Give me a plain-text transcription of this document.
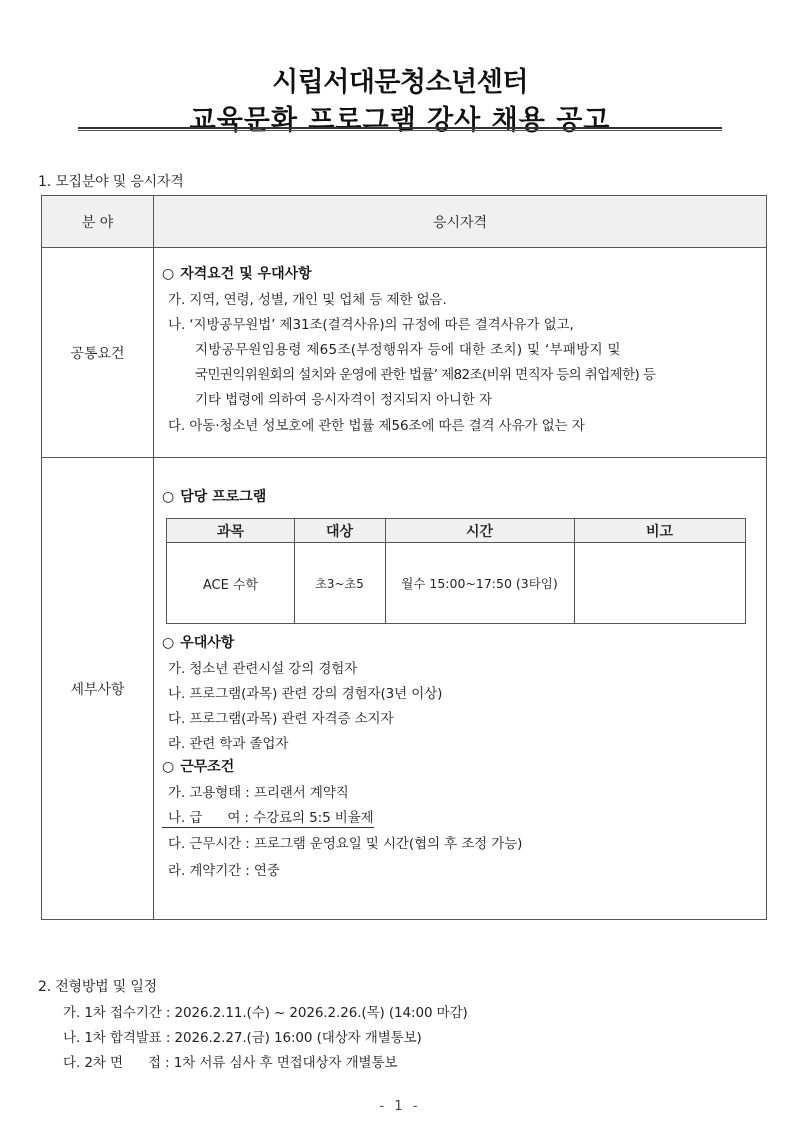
시립서대문청소년센터
교육문화 프로그램 강사 채용 공고
1. 모집분야 및 응시자격
분 야	응시자격
공통요건
○ 자격요건 및 우대사항
가. 지역, 연령, 성별, 개인 및 업체 등 제한 없음.
나. ‘지방공무원법’ 제31조(결격사유)의 규정에 따른 결격사유가 없고,
지방공무원임용령 제65조(부정행위자 등에 대한 조치) 및 ‘부패방지 및
국민권익위원회의 설치와 운영에 관한 법률’ 제82조(비위 면직자 등의 취업제한) 등
기타 법령에 의하여 응시자격이 정지되지 아니한 자
다. 아동·청소년 성보호에 관한 법률 제56조에 따른 결격 사유가 없는 자
세부사항
○ 담당 프로그램
과목	대상	시간	비고
ACE 수학	초3~초5	월수 15:00~17:50 (3타임)
○ 우대사항
가. 청소년 관련시설 강의 경험자
나. 프로그램(과목) 관련 강의 경험자(3년 이상)
다. 프로그램(과목) 관련 자격증 소지자
라. 관련 학과 졸업자
○ 근무조건
가. 고용형태 : 프리랜서 계약직
나. 급      여 : 수강료의 5:5 비율제
다. 근무시간 : 프로그램 운영요일 및 시간(협의 후 조정 가능)
라. 계약기간 : 연중
2. 전형방법 및 일정
가. 1차 접수기간 : 2026.2.11.(수) ~ 2026.2.26.(목) (14:00 마감)
나. 1차 합격발표 : 2026.2.27.(금) 16:00 (대상자 개별통보)
다. 2차 면      접 : 1차 서류 심사 후 면접대상자 개별통보
- 1 -
